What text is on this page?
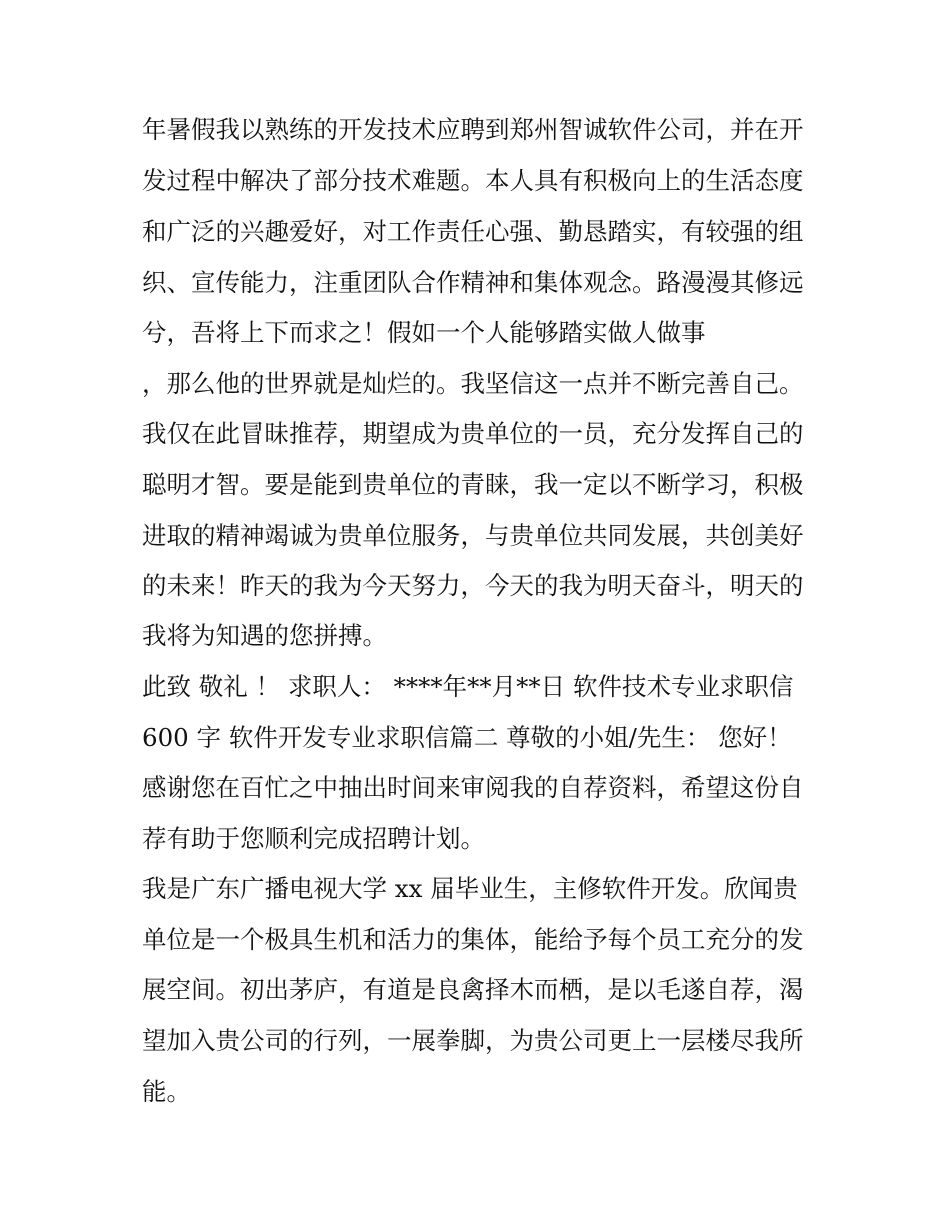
年暑假我以熟练的开发技术应聘到郑州智诚软件公司，并在开
发过程中解决了部分技术难题。本人具有积极向上的生活态度
和广泛的兴趣爱好，对工作责任心强、勤恳踏实，有较强的组
织、宣传能力，注重团队合作精神和集体观念。路漫漫其修远
兮，吾将上下而求之！假如一个人能够踏实做人做事
，那么他的世界就是灿烂的。我坚信这一点并不断完善自己。
我仅在此冒昧推荐，期望成为贵单位的一员，充分发挥自己的
聪明才智。要是能到贵单位的青睐，我一定以不断学习，积极
进取的精神竭诚为贵单位服务，与贵单位共同发展，共创美好
的未来！昨天的我为今天努力，今天的我为明天奋斗，明天的
我将为知遇的您拼搏。
此致 敬礼 ！ 求职人： ****年**月**日 软件技术专业求职信
600 字 软件开发专业求职信篇二 尊敬的小姐/先生： 您好！
感谢您在百忙之中抽出时间来审阅我的自荐资料，希望这份自
荐有助于您顺利完成招聘计划。
我是广东广播电视大学 xx 届毕业生，主修软件开发。欣闻贵
单位是一个极具生机和活力的集体，能给予每个员工充分的发
展空间。初出茅庐，有道是良禽择木而栖，是以毛遂自荐，渴
望加入贵公司的行列，一展拳脚，为贵公司更上一层楼尽我所
能。
